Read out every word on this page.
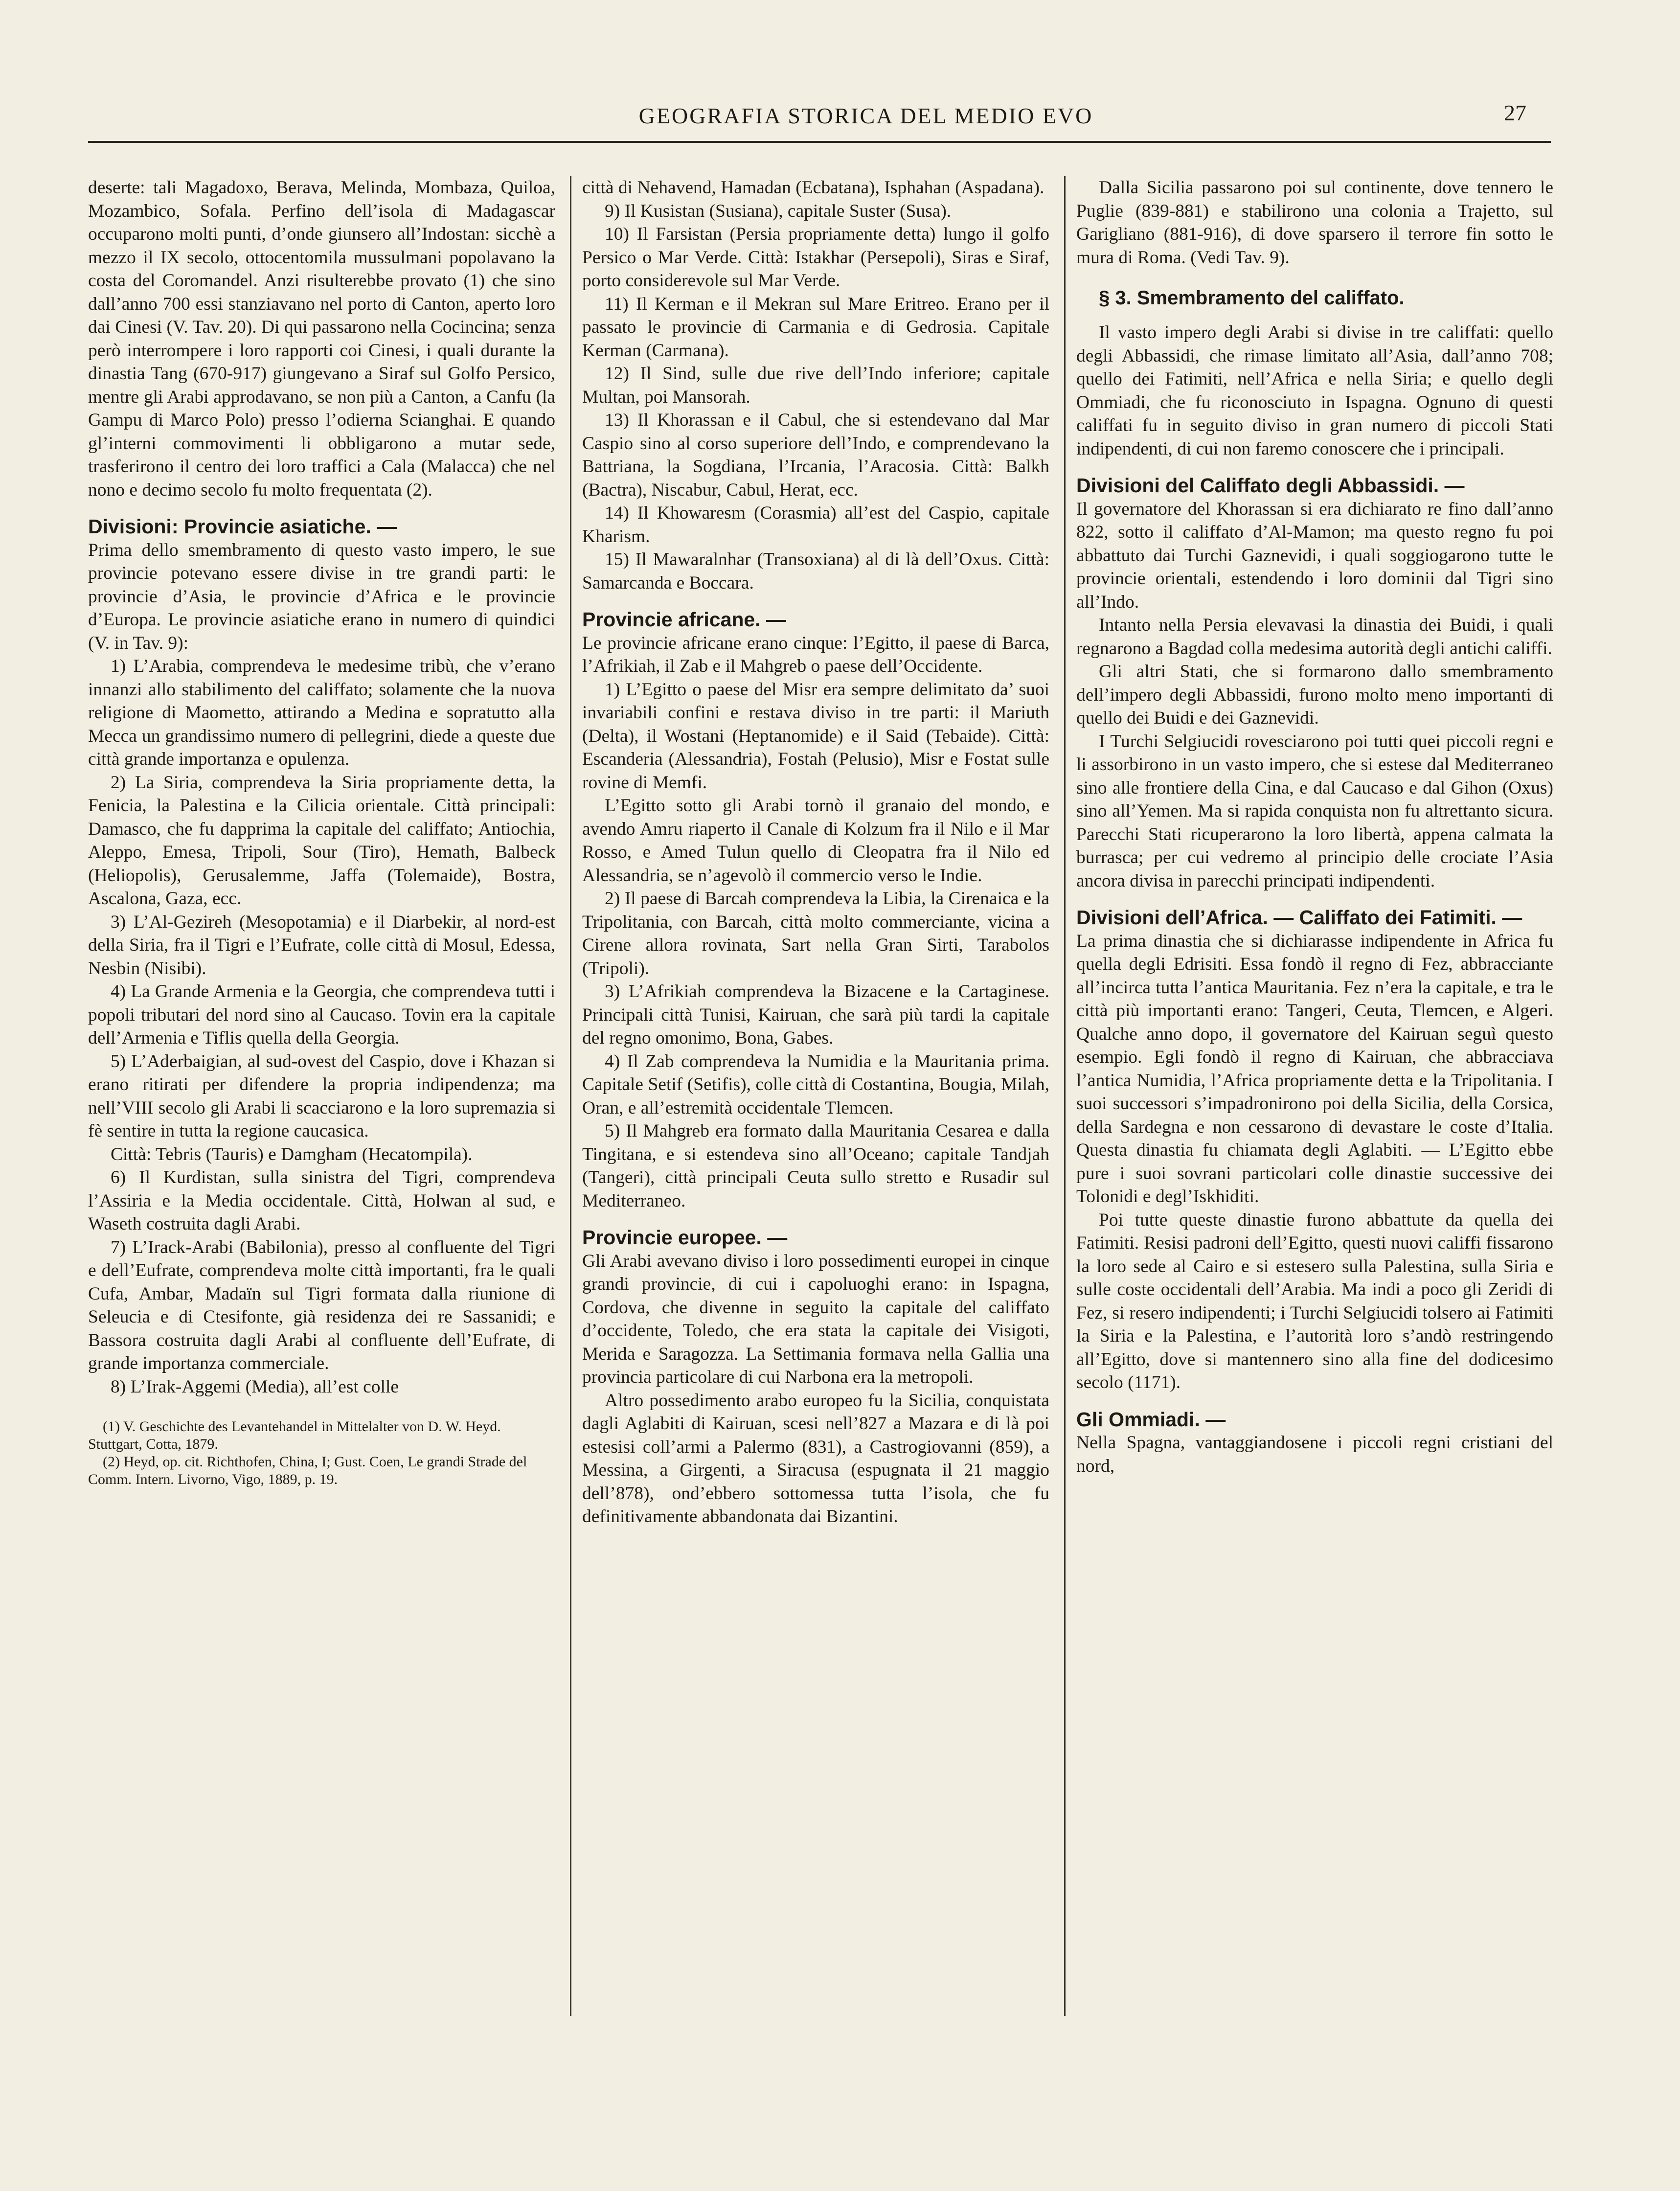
GEOGRAFIA STORICA DEL MEDIO EVO	27

deserte: tali Magadoxo, Berava, Melinda, Mombaza, Quiloa, Mozambico, Sofala. Perfino dell’isola di Madagascar occuparono molti punti, d’onde giunsero all’Indostan: sicchè a mezzo il IX secolo, ottocentomila mussulmani popolavano la costa del Coromandel. Anzi risulterebbe provato (1) che sino dall’anno 700 essi stanziavano nel porto di Canton, aperto loro dai Cinesi (V. Tav. 20). Di qui passarono nella Cocincina; senza però interrompere i loro rapporti coi Cinesi, i quali durante la dinastia Tang (670-917) giungevano a Siraf sul Golfo Persico, mentre gli Arabi approdavano, se non più a Canton, a Canfu (la Gampu di Marco Polo) presso l’odierna Scianghai. E quando gl’interni commovimenti li obbligarono a mutar sede, trasferirono il centro dei loro traffici a Cala (Malacca) che nel nono e decimo secolo fu molto frequentata (2).

Divisioni: Provincie asiatiche. —

Prima dello smembramento di questo vasto impero, le sue provincie potevano essere divise in tre grandi parti: le provincie d’Asia, le provincie d’Africa e le provincie d’Europa. Le provincie asiatiche erano in numero di quindici (V. in Tav. 9):

1) L’Arabia, comprendeva le medesime tribù, che v’erano innanzi allo stabilimento del califfato; solamente che la nuova religione di Maometto, attirando a Medina e sopratutto alla Mecca un grandissimo numero di pellegrini, diede a queste due città grande importanza e opulenza.

2) La Siria, comprendeva la Siria propriamente detta, la Fenicia, la Palestina e la Cilicia orientale. Città principali: Damasco, che fu dapprima la capitale del califfato; Antiochia, Aleppo, Emesa, Tripoli, Sour (Tiro), Hemath, Balbeck (Heliopolis), Gerusalemme, Jaffa (Tolemaide), Bostra, Ascalona, Gaza, ecc.

3) L’Al-Gezireh (Mesopotamia) e il Diarbekir, al nord-est della Siria, fra il Tigri e l’Eufrate, colle città di Mosul, Edessa, Nesbin (Nisibi).

4) La Grande Armenia e la Georgia, che comprendeva tutti i popoli tributari del nord sino al Caucaso. Tovin era la capitale dell’Armenia e Tiflis quella della Georgia.

5) L’Aderbaigian, al sud-ovest del Caspio, dove i Khazan si erano ritirati per difendere la propria indipendenza; ma nell’VIII secolo gli Arabi li scacciarono e la loro supremazia si fè sentire in tutta la regione caucasica.

Città: Tebris (Tauris) e Damgham (Hecatompila).

6) Il Kurdistan, sulla sinistra del Tigri, comprendeva l’Assiria e la Media occidentale. Città, Holwan al sud, e Waseth costruita dagli Arabi.

7) L’Irack-Arabi (Babilonia), presso al confluente del Tigri e dell’Eufrate, comprendeva molte città importanti, fra le quali Cufa, Ambar, Madaïn sul Tigri formata dalla riunione di Seleucia e di Ctesifonte, già residenza dei re Sassanidi; e Bassora costruita dagli Arabi al confluente dell’Eufrate, di grande importanza commerciale.

8) L’Irak-Aggemi (Media), all’est colle

(1) V. Geschichte des Levantehandel in Mittelalter von D. W. Heyd. Stuttgart, Cotta, 1879.

(2) Heyd, op. cit. Richthofen, China, I; Gust. Coen, Le grandi Strade del Comm. Intern. Livorno, Vigo, 1889, p. 19.

città di Nehavend, Hamadan (Ecbatana), Isphahan (Aspadana).

9) Il Kusistan (Susiana), capitale Suster (Susa).

10) Il Farsistan (Persia propriamente detta) lungo il golfo Persico o Mar Verde. Città: Istakhar (Persepoli), Siras e Siraf, porto considerevole sul Mar Verde.

11) Il Kerman e il Mekran sul Mare Eritreo. Erano per il passato le provincie di Carmania e di Gedrosia. Capitale Kerman (Carmana).

12) Il Sind, sulle due rive dell’Indo inferiore; capitale Multan, poi Mansorah.

13) Il Khorassan e il Cabul, che si estendevano dal Mar Caspio sino al corso superiore dell’Indo, e comprendevano la Battriana, la Sogdiana, l’Ircania, l’Aracosia. Città: Balkh (Bactra), Niscabur, Cabul, Herat, ecc.

14) Il Khowaresm (Corasmia) all’est del Caspio, capitale Kharism.

15) Il Mawaralnhar (Transoxiana) al di là dell’Oxus. Città: Samarcanda e Boccara.

Provincie africane. —

Le provincie africane erano cinque: l’Egitto, il paese di Barca, l’Afrikiah, il Zab e il Mahgreb o paese dell’Occidente.

1) L’Egitto o paese del Misr era sempre delimitato da’ suoi invariabili confini e restava diviso in tre parti: il Mariuth (Delta), il Wostani (Heptanomide) e il Said (Tebaide). Città: Escanderia (Alessandria), Fostah (Pelusio), Misr e Fostat sulle rovine di Memfi.

L’Egitto sotto gli Arabi tornò il granaio del mondo, e avendo Amru riaperto il Canale di Kolzum fra il Nilo e il Mar Rosso, e Amed Tulun quello di Cleopatra fra il Nilo ed Alessandria, se n’agevolò il commercio verso le Indie.

2) Il paese di Barcah comprendeva la Libia, la Cirenaica e la Tripolitania, con Barcah, città molto commerciante, vicina a Cirene allora rovinata, Sart nella Gran Sirti, Tarabolos (Tripoli).

3) L’Afrikiah comprendeva la Bizacene e la Cartaginese. Principali città Tunisi, Kairuan, che sarà più tardi la capitale del regno omonimo, Bona, Gabes.

4) Il Zab comprendeva la Numidia e la Mauritania prima. Capitale Setif (Setifis), colle città di Costantina, Bougia, Milah, Oran, e all’estremità occidentale Tlemcen.

5) Il Mahgreb era formato dalla Mauritania Cesarea e dalla Tingitana, e si estendeva sino all’Oceano; capitale Tandjah (Tangeri), città principali Ceuta sullo stretto e Rusadir sul Mediterraneo.

Provincie europee. —

Gli Arabi avevano diviso i loro possedimenti europei in cinque grandi provincie, di cui i capoluoghi erano: in Ispagna, Cordova, che divenne in seguito la capitale del califfato d’occidente, Toledo, che era stata la capitale dei Visigoti, Merida e Saragozza. La Settimania formava nella Gallia una provincia particolare di cui Narbona era la metropoli.

Altro possedimento arabo europeo fu la Sicilia, conquistata dagli Aglabiti di Kairuan, scesi nell’827 a Mazara e di là poi estesisi coll’armi a Palermo (831), a Castrogiovanni (859), a Messina, a Girgenti, a Siracusa (espugnata il 21 maggio dell’878), ond’ebbero sottomessa tutta l’isola, che fu definitivamente abbandonata dai Bizantini.

Dalla Sicilia passarono poi sul continente, dove tennero le Puglie (839-881) e stabilirono una colonia a Trajetto, sul Garigliano (881-916), di dove sparsero il terrore fin sotto le mura di Roma. (Vedi Tav. 9).

§ 3. Smembramento del califfato.

Il vasto impero degli Arabi si divise in tre califfati: quello degli Abbassidi, che rimase limitato all’Asia, dall’anno 708; quello dei Fatimiti, nell’Africa e nella Siria; e quello degli Ommiadi, che fu riconosciuto in Ispagna. Ognuno di questi califfati fu in seguito diviso in gran numero di piccoli Stati indipendenti, di cui non faremo conoscere che i principali.

Divisioni del Califfato degli Abbassidi. —

Il governatore del Khorassan si era dichiarato re fino dall’anno 822, sotto il califfato d’Al-Mamon; ma questo regno fu poi abbattuto dai Turchi Gaznevidi, i quali soggiogarono tutte le provincie orientali, estendendo i loro dominii dal Tigri sino all’Indo.

Intanto nella Persia elevavasi la dinastia dei Buidi, i quali regnarono a Bagdad colla medesima autorità degli antichi califfi.

Gli altri Stati, che si formarono dallo smembramento dell’impero degli Abbassidi, furono molto meno importanti di quello dei Buidi e dei Gaznevidi.

I Turchi Selgiucidi rovesciarono poi tutti quei piccoli regni e li assorbirono in un vasto impero, che si estese dal Mediterraneo sino alle frontiere della Cina, e dal Caucaso e dal Gihon (Oxus) sino all’Yemen. Ma si rapida conquista non fu altrettanto sicura. Parecchi Stati ricuperarono la loro libertà, appena calmata la burrasca; per cui vedremo al principio delle crociate l’Asia ancora divisa in parecchi principati indipendenti.

Divisioni dell’Africa. — Califfato dei Fatimiti. —

La prima dinastia che si dichiarasse indipendente in Africa fu quella degli Edrisiti. Essa fondò il regno di Fez, abbracciante all’incirca tutta l’antica Mauritania. Fez n’era la capitale, e tra le città più importanti erano: Tangeri, Ceuta, Tlemcen, e Algeri. Qualche anno dopo, il governatore del Kairuan seguì questo esempio. Egli fondò il regno di Kairuan, che abbracciava l’antica Numidia, l’Africa propriamente detta e la Tripolitania. I suoi successori s’impadronirono poi della Sicilia, della Corsica, della Sardegna e non cessarono di devastare le coste d’Italia. Questa dinastia fu chiamata degli Aglabiti. — L’Egitto ebbe pure i suoi sovrani particolari colle dinastie successive dei Tolonidi e degl’Iskhiditi.

Poi tutte queste dinastie furono abbattute da quella dei Fatimiti. Resisi padroni dell’Egitto, questi nuovi califfi fissarono la loro sede al Cairo e si estesero sulla Palestina, sulla Siria e sulle coste occidentali dell’Arabia. Ma indi a poco gli Zeridi di Fez, si resero indipendenti; i Turchi Selgiucidi tolsero ai Fatimiti la Siria e la Palestina, e l’autorità loro s’andò restringendo all’Egitto, dove si mantennero sino alla fine del dodicesimo secolo (1171).

Gli Ommiadi. —

Nella Spagna, vantaggiandosene i piccoli regni cristiani del nord,
